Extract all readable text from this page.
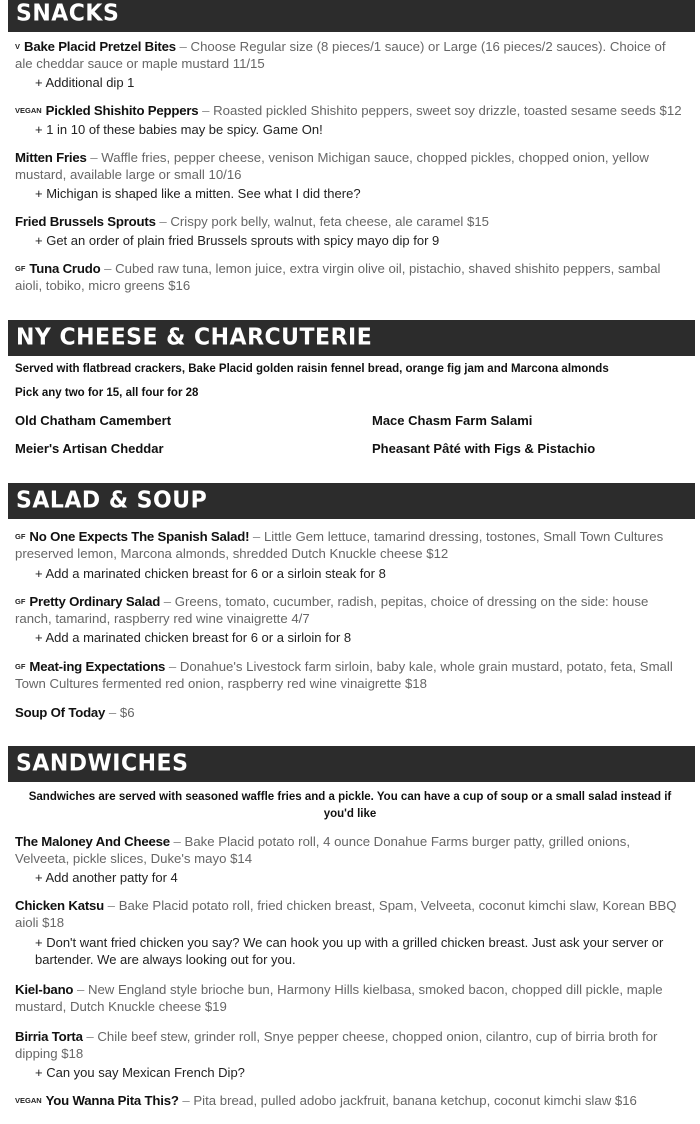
SNACKS
V Bake Placid Pretzel Bites – Choose Regular size (8 pieces/1 sauce) or Large (16 pieces/2 sauces). Choice of ale cheddar sauce or maple mustard 11/15
+ Additional dip 1
VEGAN Pickled Shishito Peppers – Roasted pickled Shishito peppers, sweet soy drizzle, toasted sesame seeds $12
+ 1 in 10 of these babies may be spicy. Game On!
Mitten Fries – Waffle fries, pepper cheese, venison Michigan sauce, chopped pickles, chopped onion, yellow mustard, available large or small 10/16
+ Michigan is shaped like a mitten. See what I did there?
Fried Brussels Sprouts – Crispy pork belly, walnut, feta cheese, ale caramel $15
+ Get an order of plain fried Brussels sprouts with spicy mayo dip for 9
GF Tuna Crudo – Cubed raw tuna, lemon juice, extra virgin olive oil, pistachio, shaved shishito peppers, sambal aioli, tobiko, micro greens $16
NY CHEESE & CHARCUTERIE
Served with flatbread crackers, Bake Placid golden raisin fennel bread, orange fig jam and Marcona almonds
Pick any two for 15, all four for 28
Old Chatham Camembert	Mace Chasm Farm Salami
Meier's Artisan Cheddar	Pheasant Pâté with Figs & Pistachio
SALAD & SOUP
GF No One Expects The Spanish Salad! – Little Gem lettuce, tamarind dressing, tostones, Small Town Cultures preserved lemon, Marcona almonds, shredded Dutch Knuckle cheese $12
+ Add a marinated chicken breast for 6 or a sirloin steak for 8
GF Pretty Ordinary Salad – Greens, tomato, cucumber, radish, pepitas, choice of dressing on the side: house ranch, tamarind, raspberry red wine vinaigrette 4/7
+ Add a marinated chicken breast for 6 or a sirloin for 8
GF Meat-ing Expectations – Donahue's Livestock farm sirloin, baby kale, whole grain mustard, potato, feta, Small Town Cultures fermented red onion, raspberry red wine vinaigrette $18
Soup Of Today – $6
SANDWICHES
Sandwiches are served with seasoned waffle fries and a pickle. You can have a cup of soup or a small salad instead if you'd like
The Maloney And Cheese – Bake Placid potato roll, 4 ounce Donahue Farms burger patty, grilled onions, Velveeta, pickle slices, Duke's mayo $14
+ Add another patty for 4
Chicken Katsu – Bake Placid potato roll, fried chicken breast, Spam, Velveeta, coconut kimchi slaw, Korean BBQ aioli $18
+ Don't want fried chicken you say? We can hook you up with a grilled chicken breast. Just ask your server or bartender. We are always looking out for you.
Kiel-bano – New England style brioche bun, Harmony Hills kielbasa, smoked bacon, chopped dill pickle, maple mustard, Dutch Knuckle cheese $19
Birria Torta – Chile beef stew, grinder roll, Snye pepper cheese, chopped onion, cilantro, cup of birria broth for dipping $18
+ Can you say Mexican French Dip?
VEGAN You Wanna Pita This? – Pita bread, pulled adobo jackfruit, banana ketchup, coconut kimchi slaw $16
